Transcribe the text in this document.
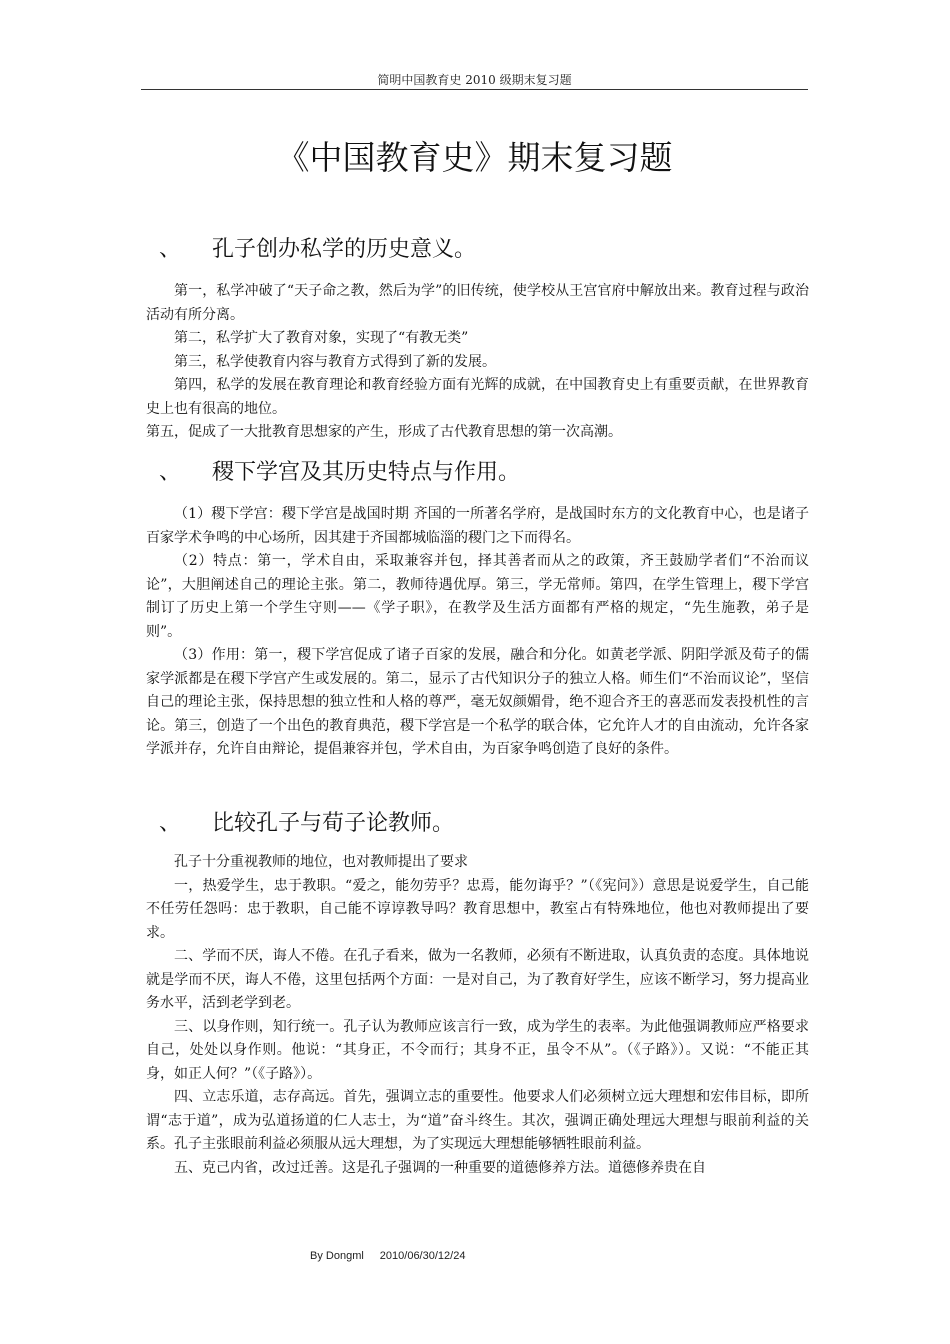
简明中国教育史 2010 级期末复习题
《中国教育史》期末复习题
、 孔子创办私学的历史意义。

第一，私学冲破了“天子命之教，然后为学”的旧传统，使学校从王宫官府中解放出来。教育过程与政治活动有所分离。

第二，私学扩大了教育对象，实现了“有教无类”

第三，私学使教育内容与教育方式得到了新的发展。

第四，私学的发展在教育理论和教育经验方面有光辉的成就，在中国教育史上有重要贡献，在世界教育史上也有很高的地位。

第五，促成了一大批教育思想家的产生，形成了古代教育思想的第一次高潮。

、 稷下学宫及其历史特点与作用。

（1）稷下学宫：稷下学宫是战国时期 齐国的一所著名学府，是战国时东方的文化教育中心，也是诸子百家学术争鸣的中心场所，因其建于齐国都城临淄的稷门之下而得名。

（2）特点：第一，学术自由，采取兼容并包，择其善者而从之的政策，齐王鼓励学者们“不治而议论”，大胆阐述自己的理论主张。第二，教师待遇优厚。第三，学无常师。第四，在学生管理上，稷下学宫制订了历史上第一个学生守则——《学子职》，在教学及生活方面都有严格的规定，“先生施教，弟子是则”。

（3）作用：第一，稷下学宫促成了诸子百家的发展，融合和分化。如黄老学派、阴阳学派及荀子的儒家学派都是在稷下学宫产生或发展的。第二，显示了古代知识分子的独立人格。师生们“不治而议论”，坚信自己的理论主张，保持思想的独立性和人格的尊严，毫无奴颜媚骨，绝不迎合齐王的喜恶而发表投机性的言论。第三，创造了一个出色的教育典范，稷下学宫是一个私学的联合体，它允许人才的自由流动，允许各家学派并存，允许自由辩论，提倡兼容并包，学术自由，为百家争鸣创造了良好的条件。

、 比较孔子与荀子论教师。

孔子十分重视教师的地位，也对教师提出了要求

一，热爱学生，忠于教职。“爱之，能勿劳乎？忠焉，能勿诲乎？”（《宪问》）意思是说爱学生，自己能不任劳任怨吗：忠于教职，自己能不谆谆教导吗？教育思想中，教室占有特殊地位，他也对教师提出了要求。

二、学而不厌，诲人不倦。在孔子看来，做为一名教师，必须有不断进取，认真负责的态度。具体地说就是学而不厌，诲人不倦，这里包括两个方面：一是对自己，为了教育好学生，应该不断学习，努力提高业务水平，活到老学到老。

三、以身作则，知行统一。孔子认为教师应该言行一致，成为学生的表率。为此他强调教师应严格要求自己，处处以身作则。他说：“其身正，不令而行；其身不正，虽令不从”。（《子路》）。又说：“不能正其身，如正人何？”（《子路》）。

四、立志乐道，志存高远。首先，强调立志的重要性。他要求人们必须树立远大理想和宏伟目标，即所谓“志于道”，成为弘道扬道的仁人志士，为“道”奋斗终生。其次，强调正确处理远大理想与眼前利益的关系。孔子主张眼前利益必须服从远大理想，为了实现远大理想能够牺牲眼前利益。

五、克己内省，改过迁善。这是孔子强调的一种重要的道德修养方法。道德修养贵在自

By Dongml 2010/06/30/12/24
